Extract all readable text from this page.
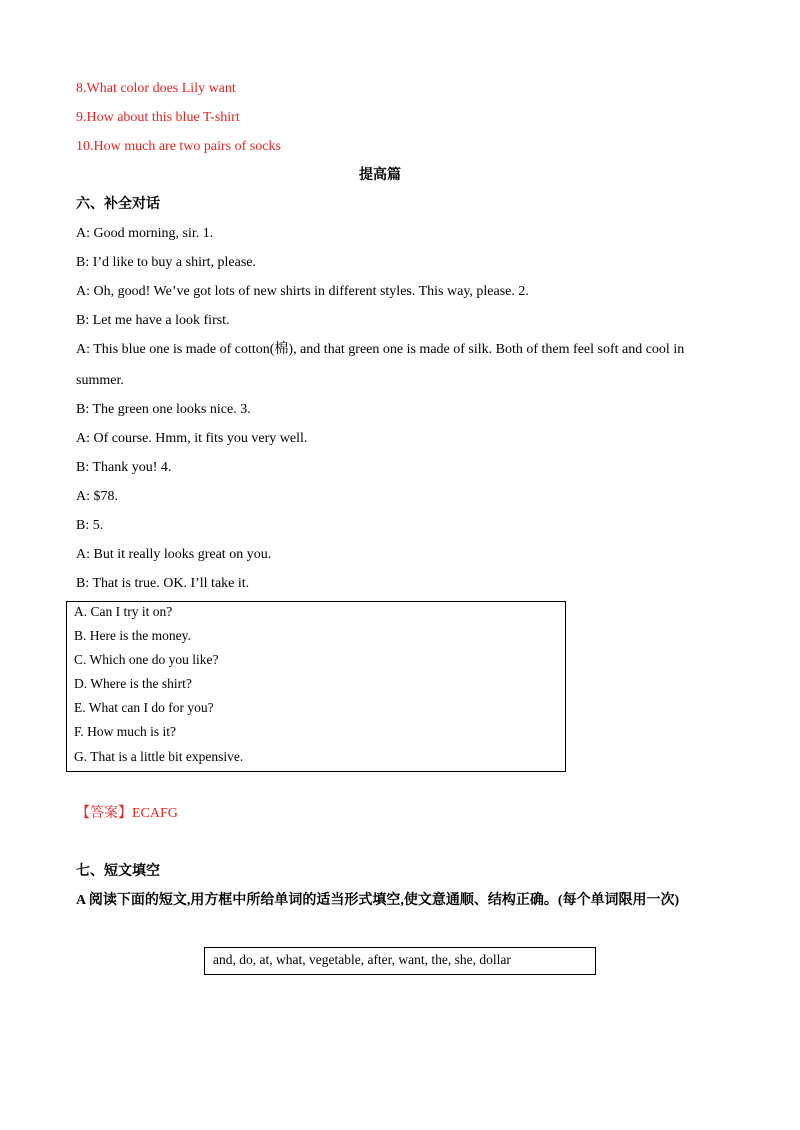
8.What color does Lily want
9.How about this blue T-shirt
10.How much are two pairs of socks
提高篇
六、补全对话
A: Good morning, sir. 1.
B: I’d like to buy a shirt, please.
A: Oh, good! We’ve got lots of new shirts in different styles. This way, please. 2.
B: Let me have a look first.
A: This blue one is made of cotton(棉), and that green one is made of silk. Both of them feel soft and cool in
summer.
B: The green one looks nice. 3.
A: Of course. Hmm, it fits you very well.
B: Thank you! 4.
A: $78.
B: 5.
A: But it really looks great on you.
B: That is true. OK. I’ll take it.
A. Can I try it on?
B. Here is the money.
C. Which one do you like?
D. Where is the shirt?
E. What can I do for you?
F. How much is it?
G. That is a little bit expensive.
【答案】ECAFG
七、短文填空
A 阅读下面的短文,用方框中所给单词的适当形式填空,使文意通顺、结构正确。(每个单词限用一次)
and, do, at, what, vegetable, after, want, the, she, dollar
